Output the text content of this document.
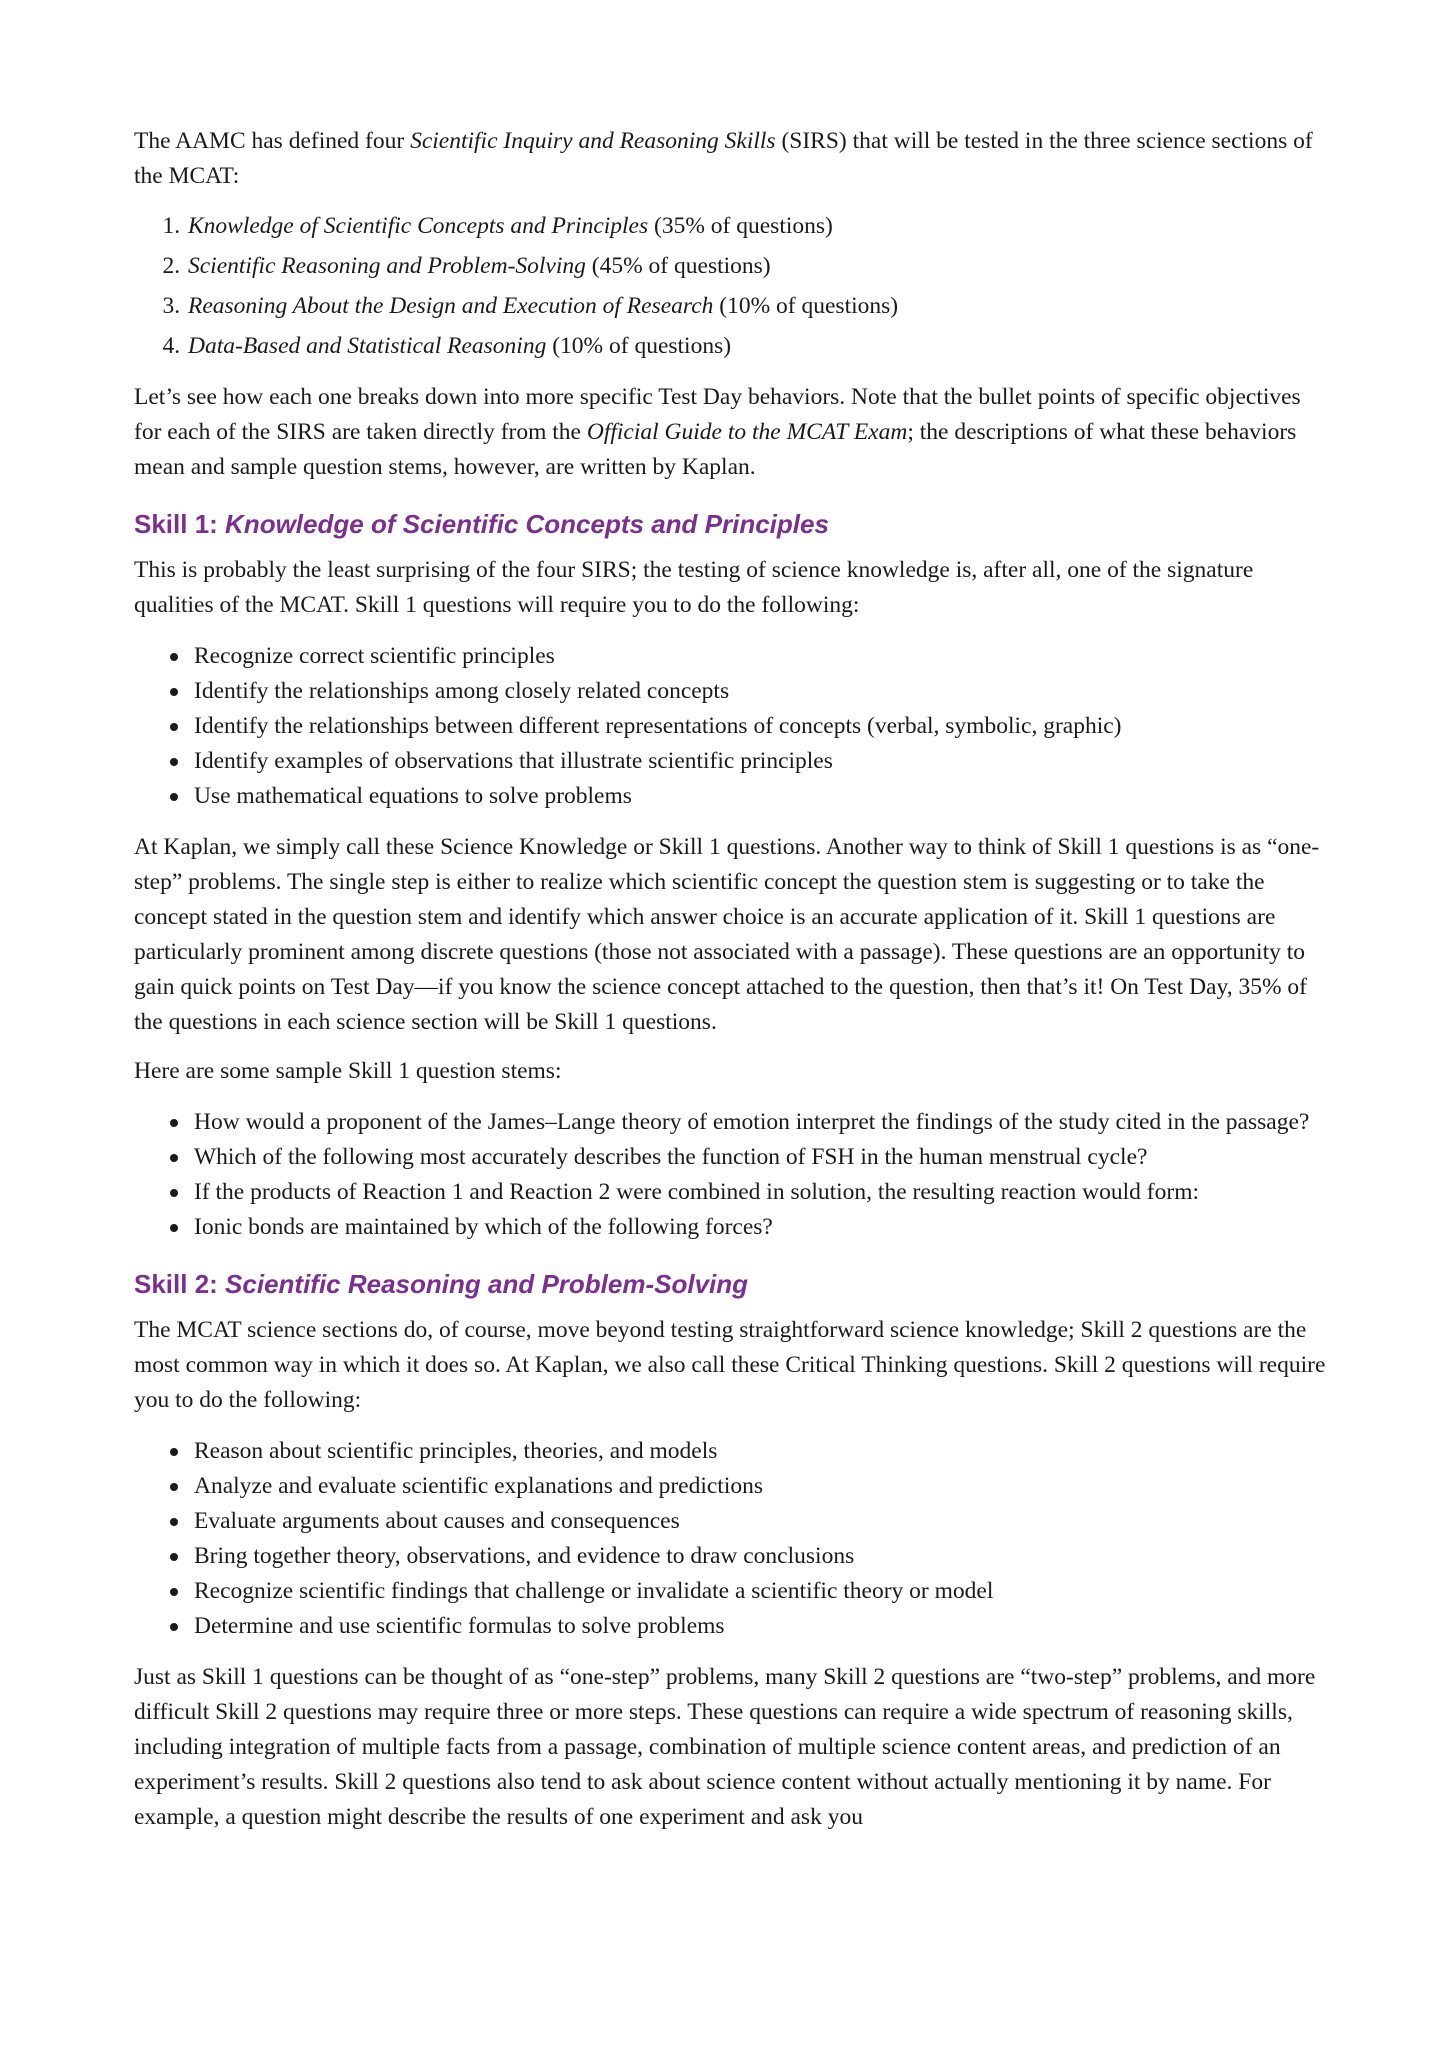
The AAMC has defined four Scientific Inquiry and Reasoning Skills (SIRS) that will be tested in the three science sections of the MCAT:

1. Knowledge of Scientific Concepts and Principles (35% of questions)
2. Scientific Reasoning and Problem-Solving (45% of questions)
3. Reasoning About the Design and Execution of Research (10% of questions)
4. Data-Based and Statistical Reasoning (10% of questions)

Let’s see how each one breaks down into more specific Test Day behaviors. Note that the bullet points of specific objectives for each of the SIRS are taken directly from the Official Guide to the MCAT Exam; the descriptions of what these behaviors mean and sample question stems, however, are written by Kaplan.

Skill 1: Knowledge of Scientific Concepts and Principles

This is probably the least surprising of the four SIRS; the testing of science knowledge is, after all, one of the signature qualities of the MCAT. Skill 1 questions will require you to do the following:

Recognize correct scientific principles
Identify the relationships among closely related concepts
Identify the relationships between different representations of concepts (verbal, symbolic, graphic)
Identify examples of observations that illustrate scientific principles
Use mathematical equations to solve problems

At Kaplan, we simply call these Science Knowledge or Skill 1 questions. Another way to think of Skill 1 questions is as “one-step” problems. The single step is either to realize which scientific concept the question stem is suggesting or to take the concept stated in the question stem and identify which answer choice is an accurate application of it. Skill 1 questions are particularly prominent among discrete questions (those not associated with a passage). These questions are an opportunity to gain quick points on Test Day—if you know the science concept attached to the question, then that’s it! On Test Day, 35% of the questions in each science section will be Skill 1 questions.

Here are some sample Skill 1 question stems:

How would a proponent of the James–Lange theory of emotion interpret the findings of the study cited in the passage?
Which of the following most accurately describes the function of FSH in the human menstrual cycle?
If the products of Reaction 1 and Reaction 2 were combined in solution, the resulting reaction would form:
Ionic bonds are maintained by which of the following forces?
Skill 2: Scientific Reasoning and Problem-Solving

The MCAT science sections do, of course, move beyond testing straightforward science knowledge; Skill 2 questions are the most common way in which it does so. At Kaplan, we also call these Critical Thinking questions. Skill 2 questions will require you to do the following:

Reason about scientific principles, theories, and models
Analyze and evaluate scientific explanations and predictions
Evaluate arguments about causes and consequences
Bring together theory, observations, and evidence to draw conclusions
Recognize scientific findings that challenge or invalidate a scientific theory or model
Determine and use scientific formulas to solve problems

Just as Skill 1 questions can be thought of as “one-step” problems, many Skill 2 questions are “two-step” problems, and more difficult Skill 2 questions may require three or more steps. These questions can require a wide spectrum of reasoning skills, including integration of multiple facts from a passage, combination of multiple science content areas, and prediction of an experiment’s results. Skill 2 questions also tend to ask about science content without actually mentioning it by name. For example, a question might describe the results of one experiment and ask you
